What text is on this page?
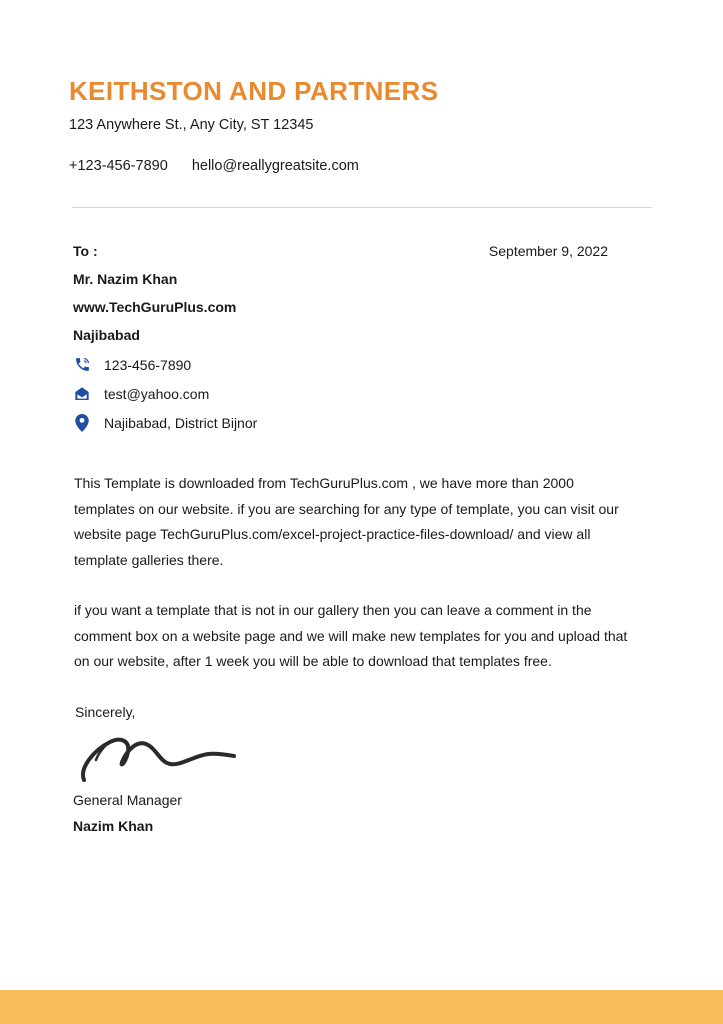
KEITHSTON AND PARTNERS
123 Anywhere St., Any City, ST 12345
+123-456-7890 hello@reallygreatsite.com
September 9, 2022
To :
Mr. Nazim Khan
www.TechGuruPlus.com
Najibabad
123-456-7890
test@yahoo.com
Najibabad, District Bijnor

This Template is downloaded from TechGuruPlus.com , we have more than 2000 templates on our website. if you are searching for any type of template, you can visit our website page TechGuruPlus.com/excel-project-practice-files-download/ and view all template galleries there.

if you want a template that is not in our gallery then you can leave a comment in the comment box on a website page and we will make new templates for you and upload that on our website, after 1 week you will be able to download that templates free.

Sincerely,
General Manager
Nazim Khan
